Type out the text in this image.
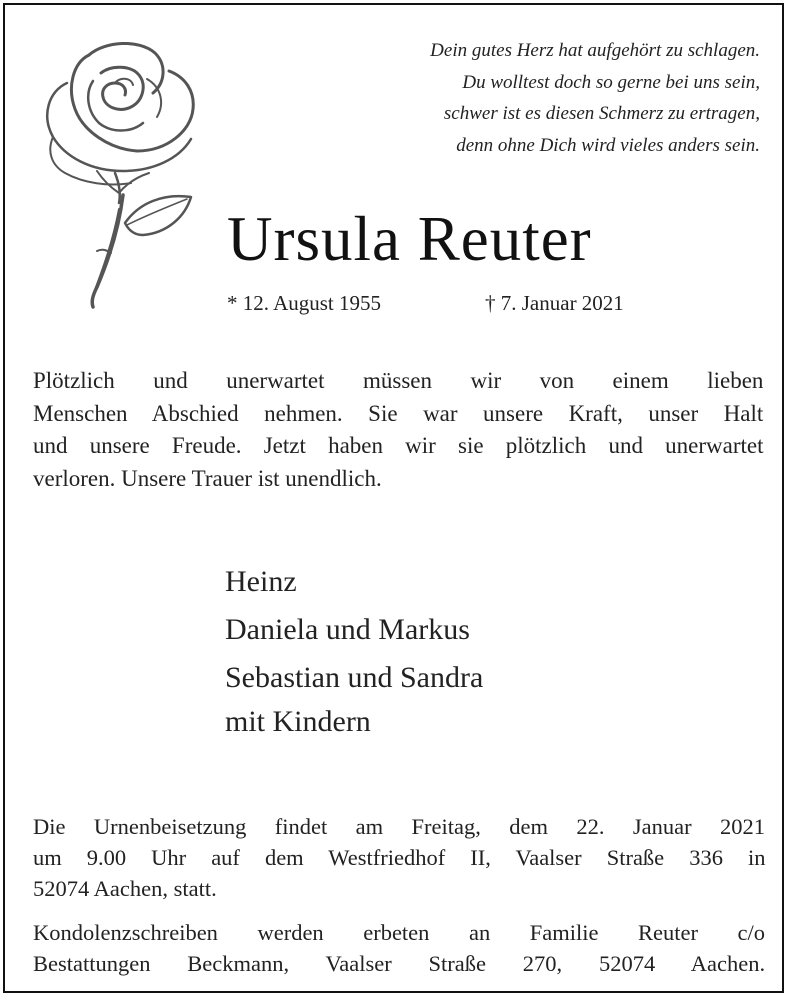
Dein gutes Herz hat aufgehört zu schlagen.
Du wolltest doch so gerne bei uns sein,
schwer ist es diesen Schmerz zu ertragen,
denn ohne Dich wird vieles anders sein.
Ursula Reuter
* 12. August 1955	† 7. Januar 2021
Plötzlich und unerwartet müssen wir von einem lieben
Menschen Abschied nehmen. Sie war unsere Kraft, unser Halt
und unsere Freude. Jetzt haben wir sie plötzlich und unerwartet
verloren. Unsere Trauer ist unendlich.
Heinz
Daniela und Markus
Sebastian und Sandra
mit Kindern
Die Urnenbeisetzung findet am Freitag, dem 22. Januar 2021
um 9.00 Uhr auf dem Westfriedhof II, Vaalser Straße 336 in
52074 Aachen, statt.
Kondolenzschreiben werden erbeten an Familie Reuter c/o
Bestattungen Beckmann, Vaalser Straße 270, 52074 Aachen.
